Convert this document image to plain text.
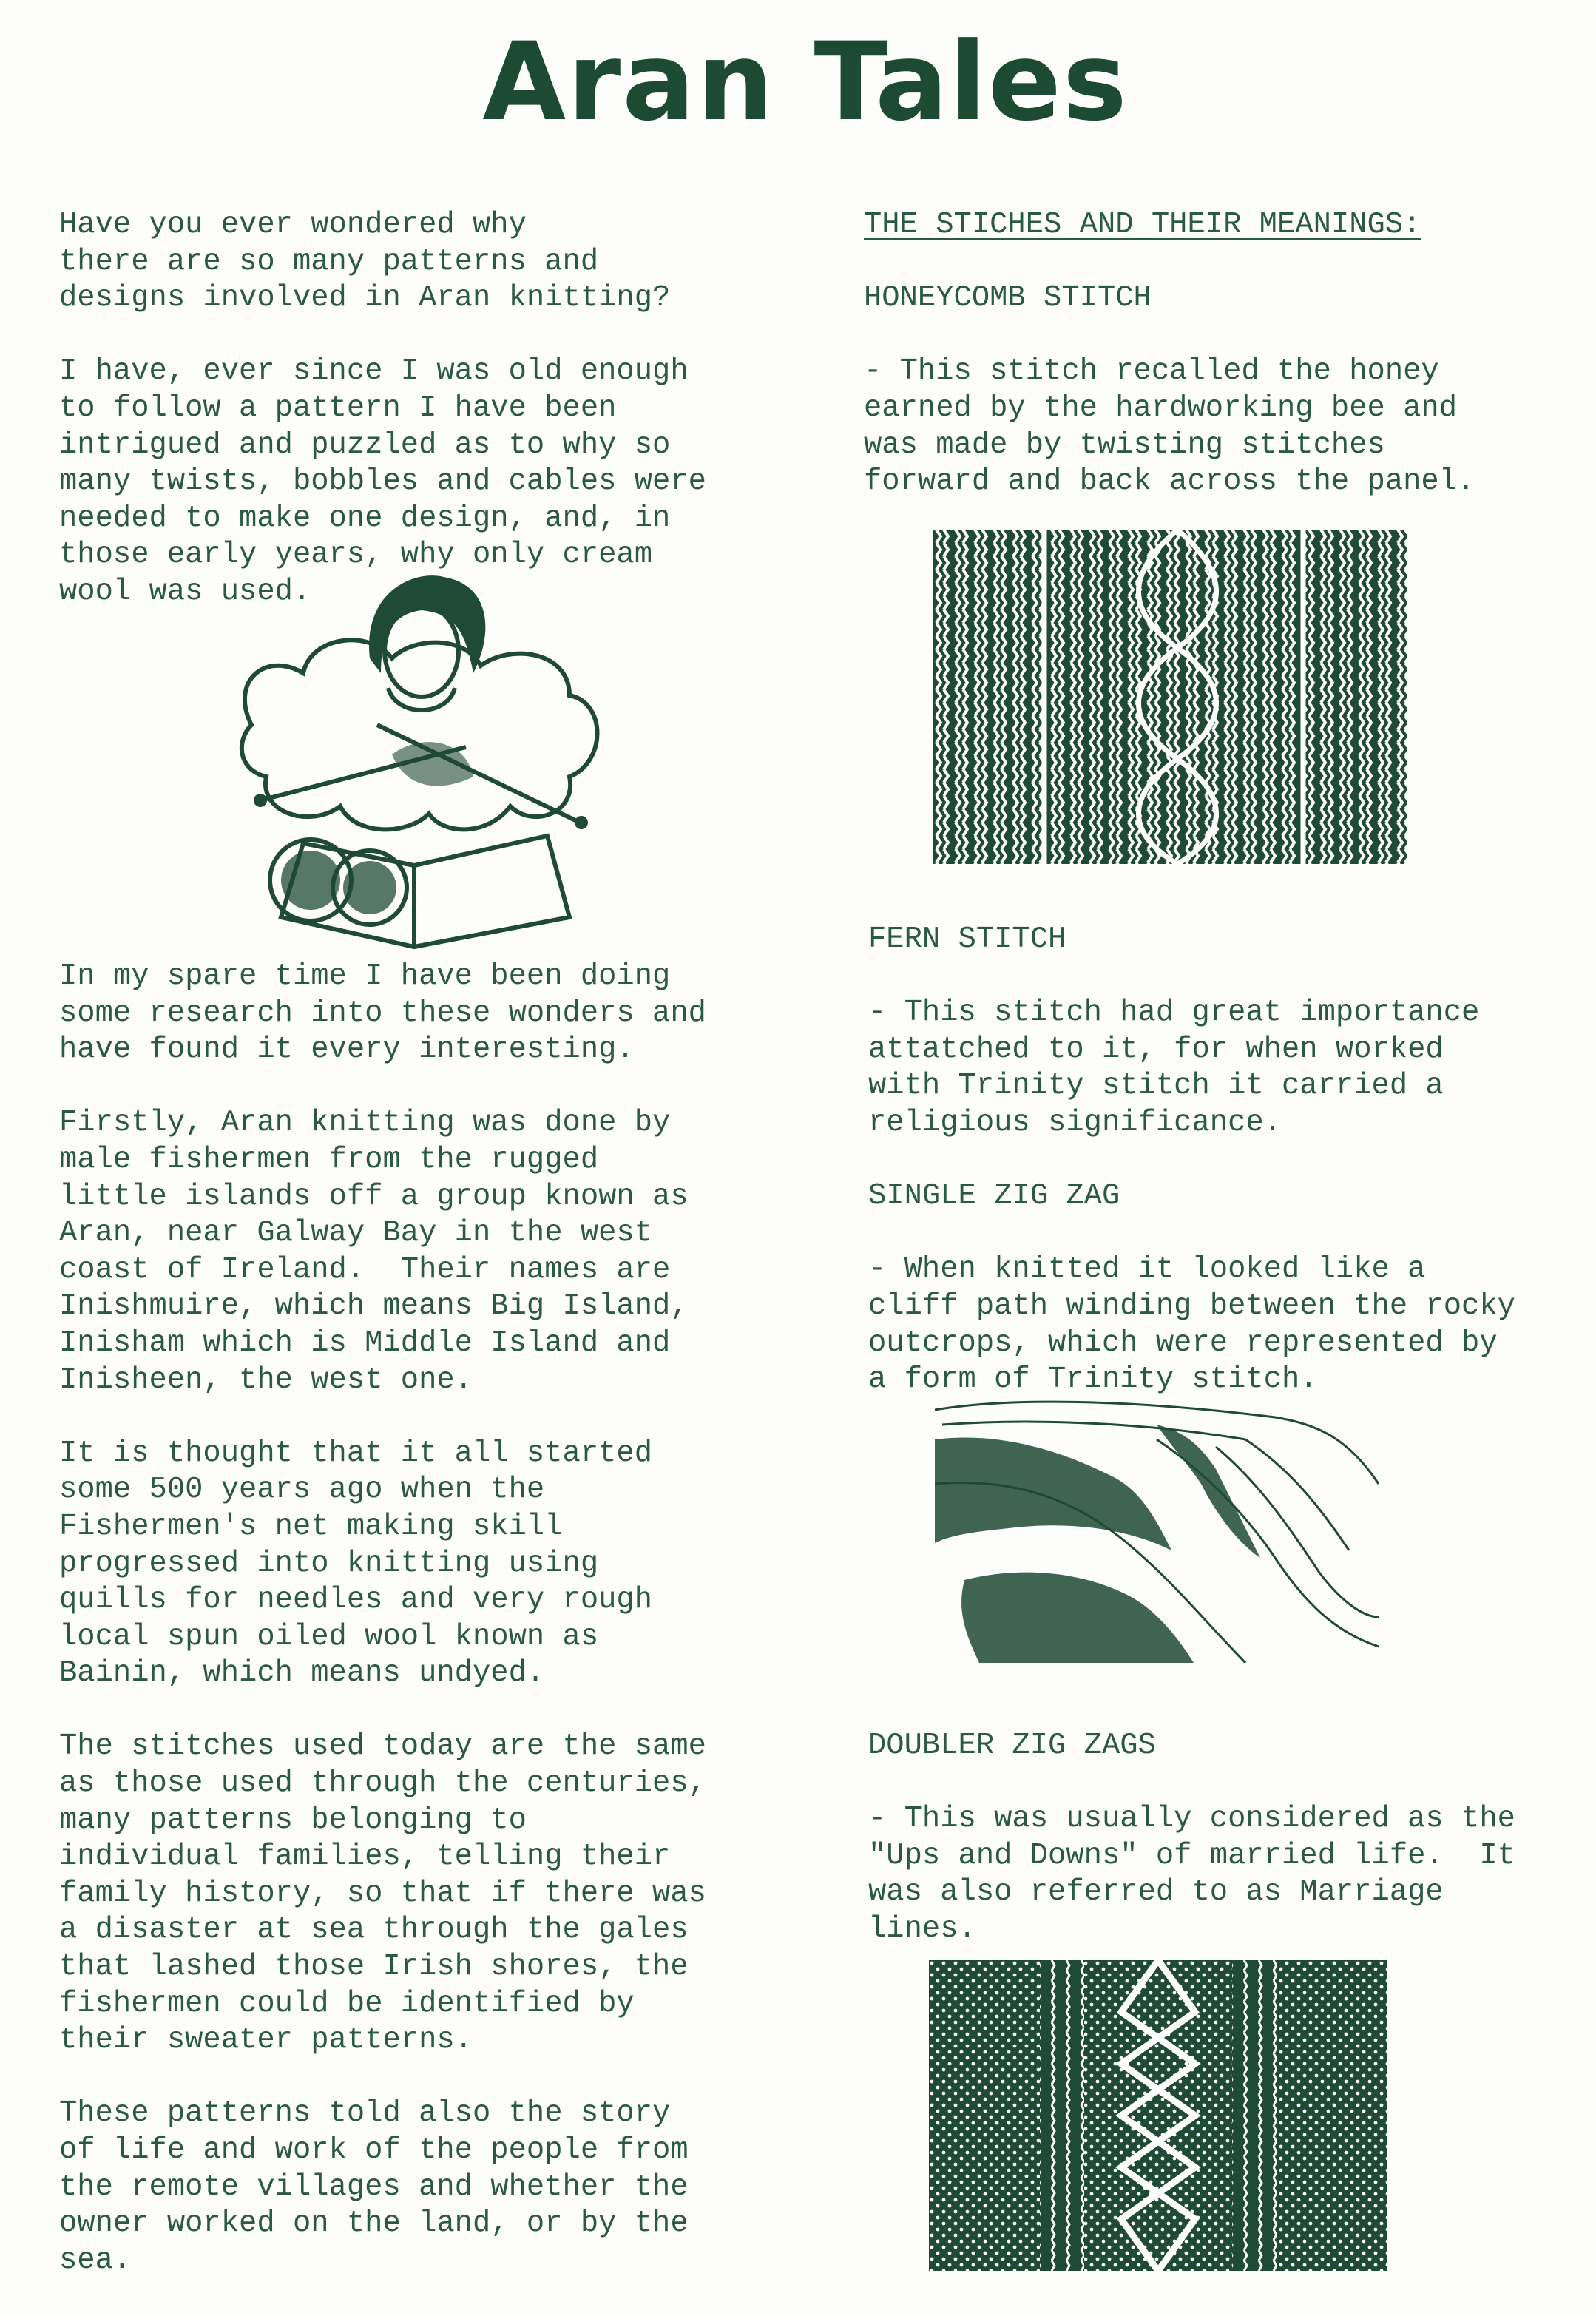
Aran Tales

Have you ever wondered why
there are so many patterns and
designs involved in Aran knitting?

I have, ever since I was old enough
to follow a pattern I have been
intrigued and puzzled as to why so
many twists, bobbles and cables were
needed to make one design, and, in
those early years, why only cream
wool was used.

In my spare time I have been doing
some research into these wonders and
have found it every interesting.

Firstly, Aran knitting was done by
male fishermen from the rugged
little islands off a group known as
Aran, near Galway Bay in the west
coast of Ireland.  Their names are
Inishmuire, which means Big Island,
Inisham which is Middle Island and
Inisheen, the west one.

It is thought that it all started
some 500 years ago when the
Fishermen's net making skill
progressed into knitting using
quills for needles and very rough
local spun oiled wool known as
Bainin, which means undyed.

The stitches used today are the same
as those used through the centuries,
many patterns belonging to
individual families, telling their
family history, so that if there was
a disaster at sea through the gales
that lashed those Irish shores, the
fishermen could be identified by
their sweater patterns.

These patterns told also the story
of life and work of the people from
the remote villages and whether the
owner worked on the land, or by the
sea.

THE STICHES AND THEIR MEANINGS:

HONEYCOMB STITCH

- This stitch recalled the honey
earned by the hardworking bee and
was made by twisting stitches
forward and back across the panel.

FERN STITCH

- This stitch had great importance
attatched to it, for when worked
with Trinity stitch it carried a
religious significance.

SINGLE ZIG ZAG

- When knitted it looked like a
cliff path winding between the rocky
outcrops, which were represented by
a form of Trinity stitch.

DOUBLER ZIG ZAGS

- This was usually considered as the
"Ups and Downs" of married life.  It
was also referred to as Marriage
lines.
